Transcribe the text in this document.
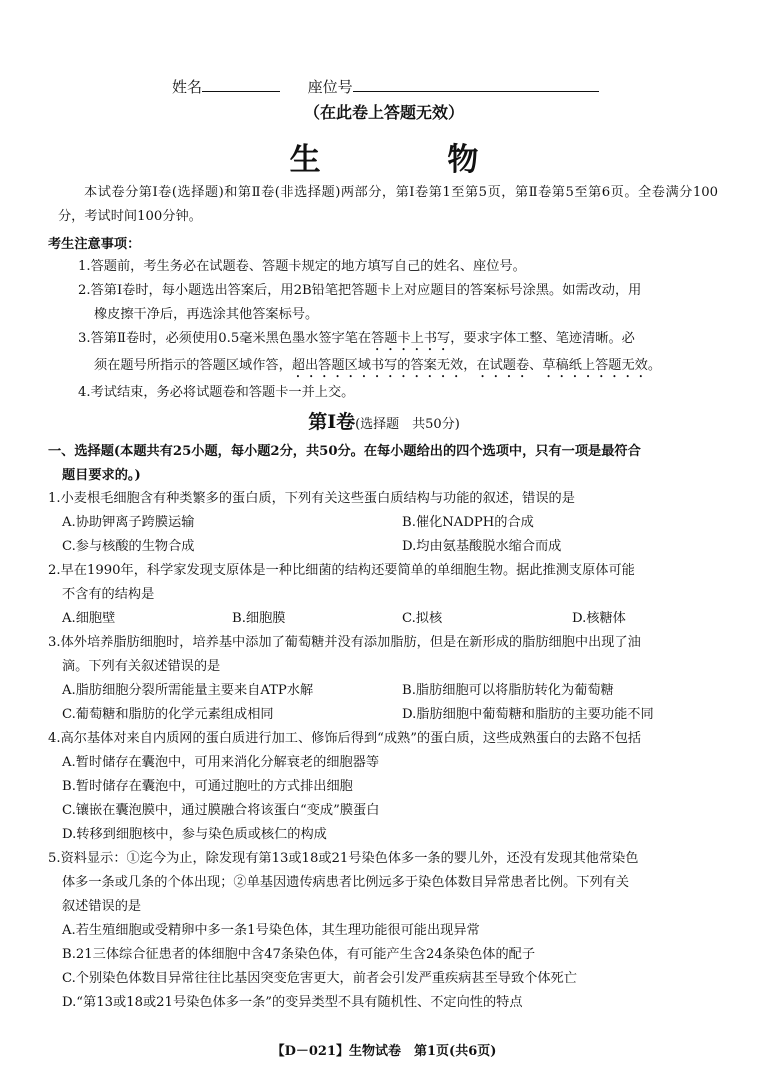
姓名	座位号
（在此卷上答题无效）
生 物
本试卷分第Ⅰ卷(选择题)和第Ⅱ卷(非选择题)两部分，第Ⅰ卷第1至第5页，第Ⅱ卷第5至第6页。全卷满分100分，考试时间100分钟。
考生注意事项：
1.答题前，考生务必在试题卷、答题卡规定的地方填写自己的姓名、座位号。
2.答第Ⅰ卷时，每小题选出答案后，用2B铅笔把答题卡上对应题目的答案标号涂黑。如需改动，用
橡皮擦干净后，再选涂其他答案标号。
3.答第Ⅱ卷时，必须使用0.5毫米黑色墨水签字笔在答题卡上书写，要求字体工整、笔迹清晰。必
须在题号所指示的答题区域作答，超出答题区域书写的答案无效，在试题卷、草稿纸上答题无效。
4.考试结束，务必将试题卷和答题卡一并上交。
第Ⅰ卷(选择题　共50分)
一、选择题(本题共有25小题，每小题2分，共50分。在每小题给出的四个选项中，只有一项是最符合
题目要求的。)
1.小麦根毛细胞含有种类繁多的蛋白质，下列有关这些蛋白质结构与功能的叙述，错误的是
A.协助钾离子跨膜运输	B.催化NADPH的合成
C.参与核酸的生物合成	D.均由氨基酸脱水缩合而成
2.早在1990年，科学家发现支原体是一种比细菌的结构还要简单的单细胞生物。据此推测支原体可能
不含有的结构是
A.细胞壁	B.细胞膜	C.拟核	D.核糖体
3.体外培养脂肪细胞时，培养基中添加了葡萄糖并没有添加脂肪，但是在新形成的脂肪细胞中出现了油
滴。下列有关叙述错误的是
A.脂肪细胞分裂所需能量主要来自ATP水解	B.脂肪细胞可以将脂肪转化为葡萄糖
C.葡萄糖和脂肪的化学元素组成相同	D.脂肪细胞中葡萄糖和脂肪的主要功能不同
4.高尔基体对来自内质网的蛋白质进行加工、修饰后得到“成熟”的蛋白质，这些成熟蛋白的去路不包括
A.暂时储存在囊泡中，可用来消化分解衰老的细胞器等
B.暂时储存在囊泡中，可通过胞吐的方式排出细胞
C.镶嵌在囊泡膜中，通过膜融合将该蛋白“变成”膜蛋白
D.转移到细胞核中，参与染色质或核仁的构成
5.资料显示：①迄今为止，除发现有第13或18或21号染色体多一条的婴儿外，还没有发现其他常染色
体多一条或几条的个体出现；②单基因遗传病患者比例远多于染色体数目异常患者比例。下列有关
叙述错误的是
A.若生殖细胞或受精卵中多一条1号染色体，其生理功能很可能出现异常
B.21三体综合征患者的体细胞中含47条染色体，有可能产生含24条染色体的配子
C.个别染色体数目异常往往比基因突变危害更大，前者会引发严重疾病甚至导致个体死亡
D.“第13或18或21号染色体多一条”的变异类型不具有随机性、不定向性的特点
【D－021】生物试卷　第1页(共6页)
